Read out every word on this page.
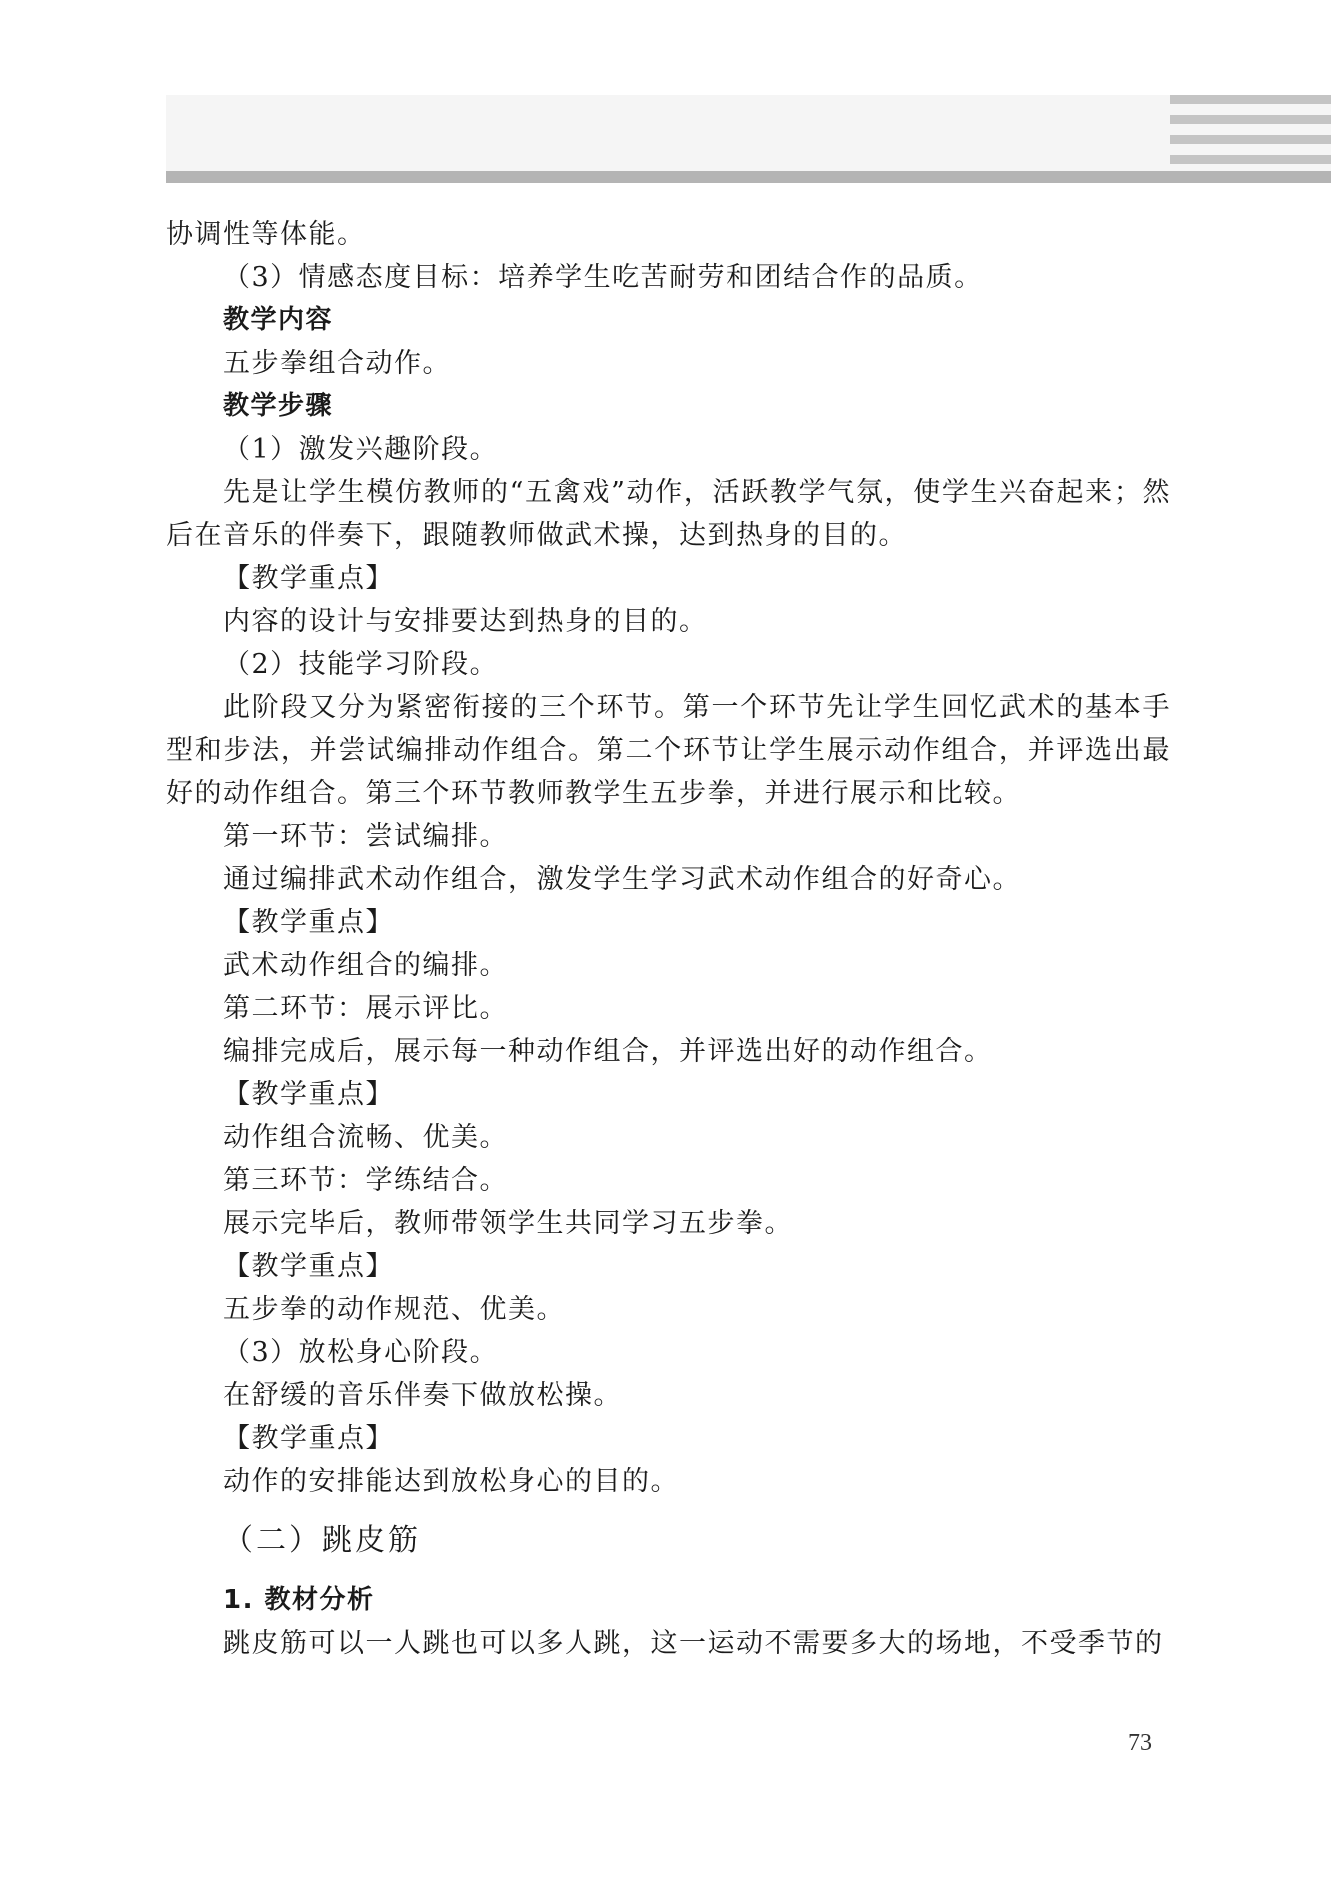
协调性等体能。

（3）情感态度目标：培养学生吃苦耐劳和团结合作的品质。

教学内容

五步拳组合动作。

教学步骤

（1）激发兴趣阶段。

先是让学生模仿教师的“五禽戏”动作，活跃教学气氛，使学生兴奋起来；然后在音乐的伴奏下，跟随教师做武术操，达到热身的目的。

【教学重点】

内容的设计与安排要达到热身的目的。

（2）技能学习阶段。

此阶段又分为紧密衔接的三个环节。第一个环节先让学生回忆武术的基本手型和步法，并尝试编排动作组合。第二个环节让学生展示动作组合，并评选出最好的动作组合。第三个环节教师教学生五步拳，并进行展示和比较。

第一环节：尝试编排。

通过编排武术动作组合，激发学生学习武术动作组合的好奇心。

【教学重点】

武术动作组合的编排。

第二环节：展示评比。

编排完成后，展示每一种动作组合，并评选出好的动作组合。

【教学重点】

动作组合流畅、优美。

第三环节：学练结合。

展示完毕后，教师带领学生共同学习五步拳。

【教学重点】

五步拳的动作规范、优美。

（3）放松身心阶段。

在舒缓的音乐伴奏下做放松操。

【教学重点】

动作的安排能达到放松身心的目的。

（二）跳皮筋

1. 教材分析

跳皮筋可以一人跳也可以多人跳，这一运动不需要多大的场地，不受季节的

73
